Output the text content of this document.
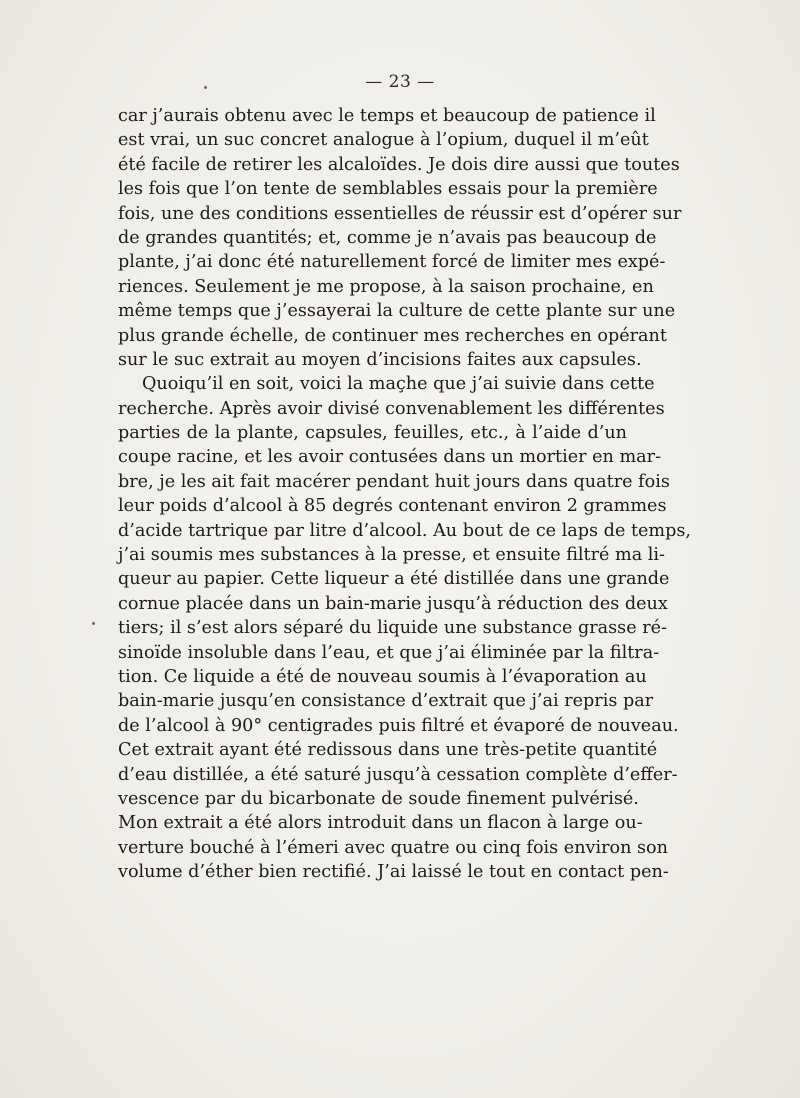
— 23 —
car j’aurais obtenu avec le temps et beaucoup de patience il
est vrai, un suc concret analogue à l’opium, duquel il m’eût
été facile de retirer les alcaloïdes. Je dois dire aussi que toutes
les fois que l’on tente de semblables essais pour la première
fois, une des conditions essentielles de réussir est d’opérer sur
de grandes quantités; et, comme je n’avais pas beaucoup de
plante, j’ai donc été naturellement forcé de limiter mes expé-
riences. Seulement je me propose, à la saison prochaine, en
même temps que j’essayerai la culture de cette plante sur une
plus grande échelle, de continuer mes recherches en opérant
sur le suc extrait au moyen d’incisions faites aux capsules.
Quoiqu’il en soit, voici la maçhe que j’ai suivie dans cette
recherche. Après avoir divisé convenablement les différentes
parties de la plante, capsules, feuilles, etc., à l’aide d’un
coupe racine, et les avoir contusées dans un mortier en mar-
bre, je les ait fait macérer pendant huit jours dans quatre fois
leur poids d’alcool à 85 degrés contenant environ 2 grammes
d’acide tartrique par litre d’alcool. Au bout de ce laps de temps,
j’ai soumis mes substances à la presse, et ensuite filtré ma li-
queur au papier. Cette liqueur a été distillée dans une grande
cornue placée dans un bain-marie jusqu’à réduction des deux
tiers; il s’est alors séparé du liquide une substance grasse ré-
sinoïde insoluble dans l’eau, et que j’ai éliminée par la filtra-
tion. Ce liquide a été de nouveau soumis à l’évaporation au
bain-marie jusqu’en consistance d’extrait que j’ai repris par
de l’alcool à 90° centigrades puis filtré et évaporé de nouveau.
Cet extrait ayant été redissous dans une très-petite quantité
d’eau distillée, a été saturé jusqu’à cessation complète d’effer-
vescence par du bicarbonate de soude finement pulvérisé.
Mon extrait a été alors introduit dans un flacon à large ou-
verture bouché à l’émeri avec quatre ou cinq fois environ son
volume d’éther bien rectifié. J’ai laissé le tout en contact pen-
